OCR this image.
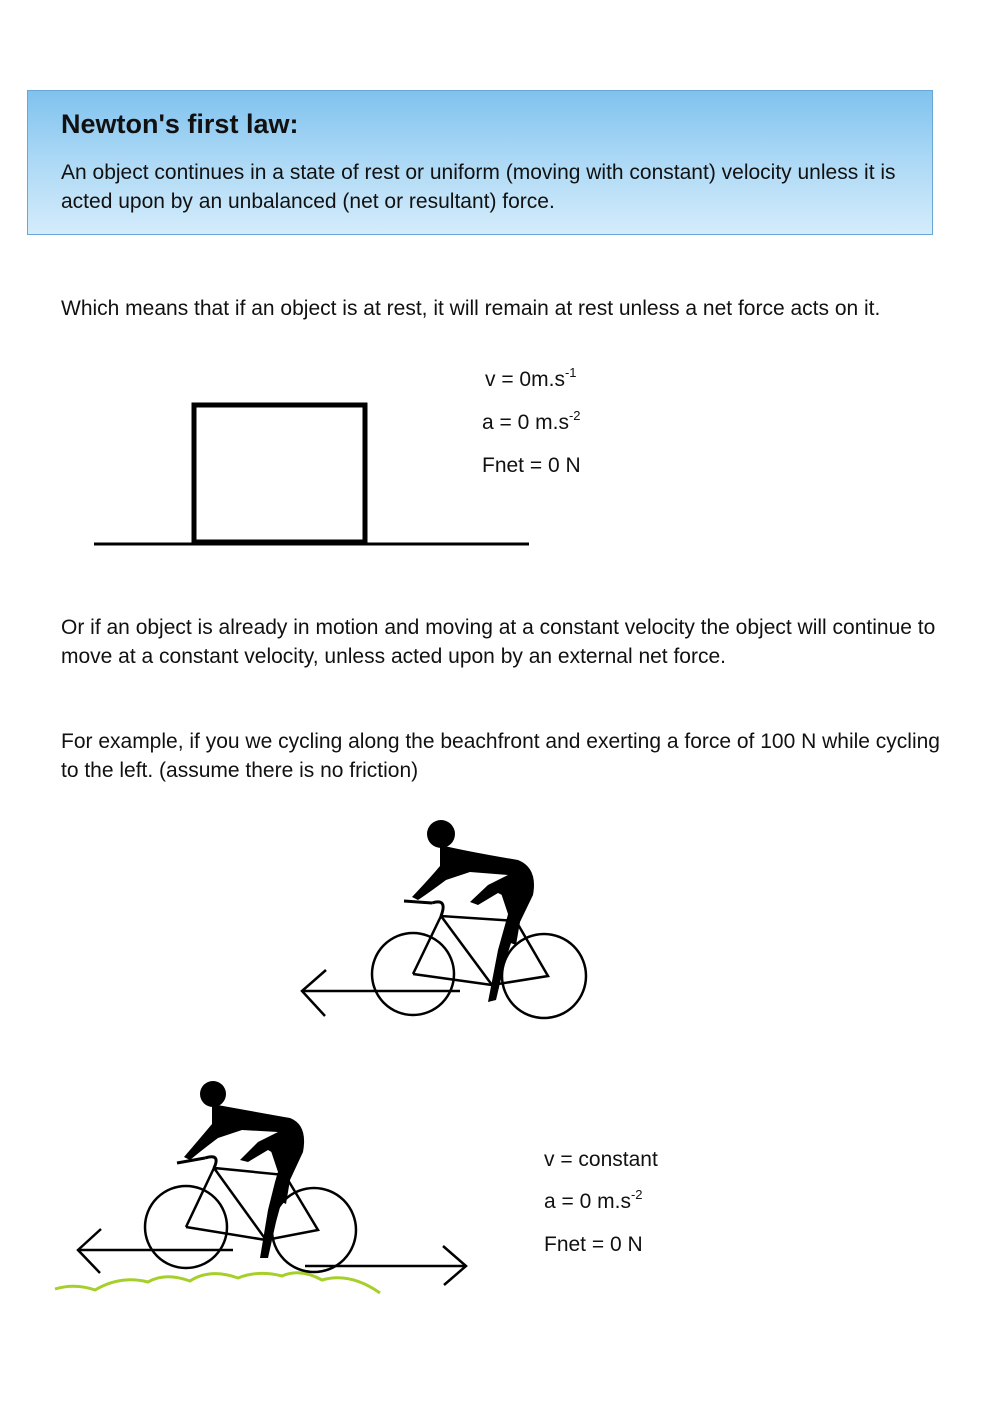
Newton's first law:
An object continues in a state of rest or uniform (moving with constant) velocity unless it is acted upon by an unbalanced (net or resultant) force.
Which means that if an object is at rest, it will remain at rest unless a net force acts on it.
$v = 0m.s^{-1}$
a = 0 $m.s^{-2}$
Fnet = 0 N
Or if an object is already in motion and moving at a constant velocity the object will continue to move at a constant velocity, unless acted upon by an external net force.
For example, if you we cycling along the beachfront and exerting a force of 100 N while cycling to the left. (assume there is no friction)
v = constant
a = 0 $m.s^{-2}$
Fnet = 0 N
